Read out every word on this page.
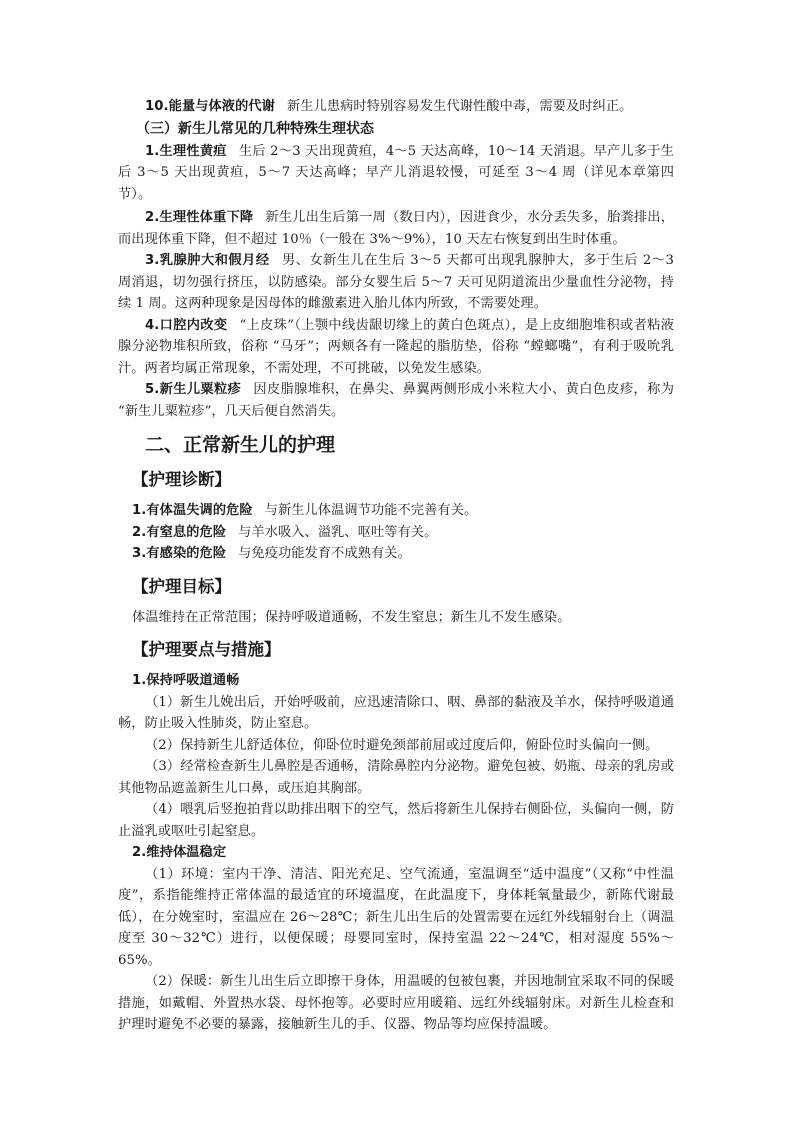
10.能量与体液的代谢 新生儿患病时特别容易发生代谢性酸中毒，需要及时纠正。

（三）新生儿常见的几种特殊生理状态

1.生理性黄疸 生后 2～3 天出现黄疸，4～5 天达高峰，10～14 天消退。早产儿多于生后 3～5 天出现黄疸，5～7 天达高峰；早产儿消退较慢，可延至 3～4 周（详见本章第四节）。

2.生理性体重下降 新生儿出生后第一周（数日内），因进食少，水分丢失多，胎粪排出，而出现体重下降，但不超过 10％（一般在 3%～9%），10 天左右恢复到出生时体重。

3.乳腺肿大和假月经 男、女新生儿在生后 3～5 天都可出现乳腺肿大，多于生后 2～3 周消退，切勿强行挤压，以防感染。部分女婴生后 5～7 天可见阴道流出少量血性分泌物，持续 1 周。这两种现象是因母体的雌激素进入胎儿体内所致，不需要处理。

4.口腔内改变 “上皮珠”（上颚中线齿龈切缘上的黄白色斑点），是上皮细胞堆积或者粘液腺分泌物堆积所致，俗称 “马牙”；两颊各有一隆起的脂肪垫，俗称 “螳螂嘴”，有利于吸吮乳汁。两者均属正常现象，不需处理，不可挑破，以免发生感染。

5.新生儿粟粒疹 因皮脂腺堆积，在鼻尖、鼻翼两侧形成小米粒大小、黄白色皮疹，称为 “新生儿粟粒疹”，几天后便自然消失。

二、正常新生儿的护理
【护理诊断】

1.有体温失调的危险 与新生儿体温调节功能不完善有关。

2.有窒息的危险 与羊水吸入、溢乳、呕吐等有关。

3.有感染的危险 与免疫功能发育不成熟有关。

【护理目标】

体温维持在正常范围；保持呼吸道通畅，不发生窒息；新生儿不发生感染。

【护理要点与措施】

1.保持呼吸道通畅

（1）新生儿娩出后，开始呼吸前，应迅速清除口、咽、鼻部的黏液及羊水，保持呼吸道通畅，防止吸入性肺炎，防止窒息。

（2）保持新生儿舒适体位，仰卧位时避免颈部前屈或过度后仰，俯卧位时头偏向一侧。

（3）经常检查新生儿鼻腔是否通畅，清除鼻腔内分泌物。避免包被、奶瓶、母亲的乳房或其他物品遮盖新生儿口鼻，或压迫其胸部。

（4）喂乳后竖抱拍背以助排出咽下的空气，然后将新生儿保持右侧卧位，头偏向一侧，防止溢乳或呕吐引起窒息。

2.维持体温稳定

（1）环境：室内干净、清洁、阳光充足、空气流通，室温调至“适中温度”（又称“中性温度”，系指能维持正常体温的最适宜的环境温度，在此温度下，身体耗氧量最少，新陈代谢最低），在分娩室时，室温应在 26～28℃；新生儿出生后的处置需要在远红外线辐射台上（调温度至 30～32℃）进行，以便保暖；母婴同室时，保持室温 22～24℃，相对湿度 55%～65%。

（2）保暖：新生儿出生后立即擦干身体，用温暖的包被包裹，并因地制宜采取不同的保暖措施，如戴帽、外置热水袋、母怀抱等。必要时应用暖箱、远红外线辐射床。对新生儿检查和护理时避免不必要的暴露，接触新生儿的手、仪器、物品等均应保持温暖。
